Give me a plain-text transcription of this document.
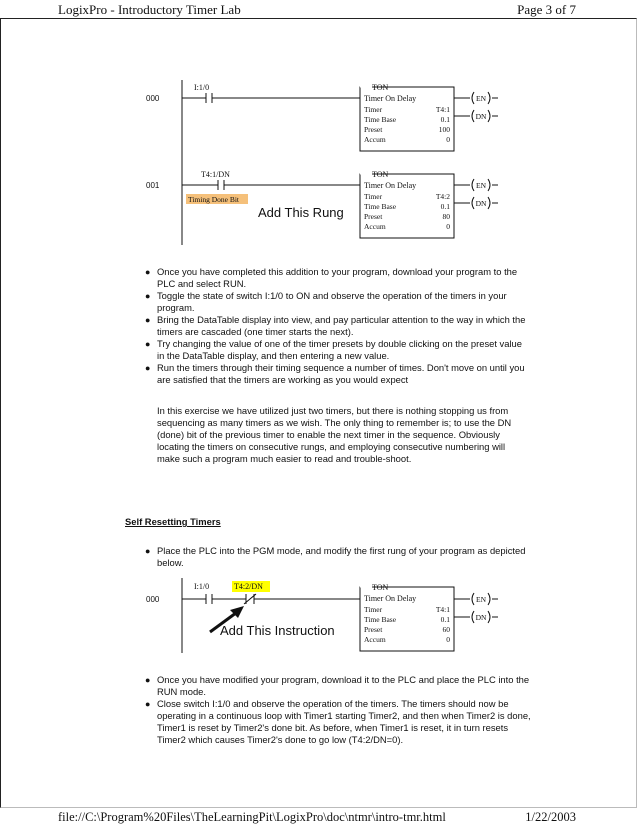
LogixPro - Introductory Timer Lab	Page 3 of 7
000
I:1/0	TON
Timer On Delay
Timer	T4:1
Time Base	0.1
Preset	100
Accum	0
EN
DN
001
T4:1/DN
Timing Done Bit
Add This Rung
TON
Timer On Delay
Timer	T4:2
Time Base	0.1
Preset	80
Accum	0
EN
DN
● Once you have completed this addition to your program, download your program to the PLC and select RUN.
● Toggle the state of switch I:1/0 to ON and observe the operation of the timers in your program.
● Bring the DataTable display into view, and pay particular attention to the way in which the timers are cascaded (one timer starts the next).
● Try changing the value of one of the timer presets by double clicking on the preset value in the DataTable display, and then entering a new value.
● Run the timers through their timing sequence a number of times. Don't move on until you are satisfied that the timers are working as you would expect

In this exercise we have utilized just two timers, but there is nothing stopping us from sequencing as many timers as we wish. The only thing to remember is; to use the DN (done) bit of the previous timer to enable the next timer in the sequence. Obviously locating the timers on consecutive rungs, and employing consecutive numbering will make such a program much easier to read and trouble-shoot.

Self Resetting Timers
● Place the PLC into the PGM mode, and modify the first rung of your program as depicted below.
000
I:1/0	T4:2/DN
Add This Instruction
TON
Timer On Delay
Timer	T4:1
Time Base	0.1
Preset	60
Accum	0
EN
DN
● Once you have modified your program, download it to the PLC and place the PLC into the RUN mode.
● Close switch I:1/0 and observe the operation of the timers. The timers should now be operating in a continuous loop with Timer1 starting Timer2, and then when Timer2 is done, Timer1 is reset by Timer2's done bit. As before, when Timer1 is reset, it in turn resets Timer2 which causes Timer2's done to go low (T4:2/DN=0).
file://C:\Program%20Files\TheLearningPit\LogixPro\doc\ntmr\intro-tmr.html	1/22/2003
